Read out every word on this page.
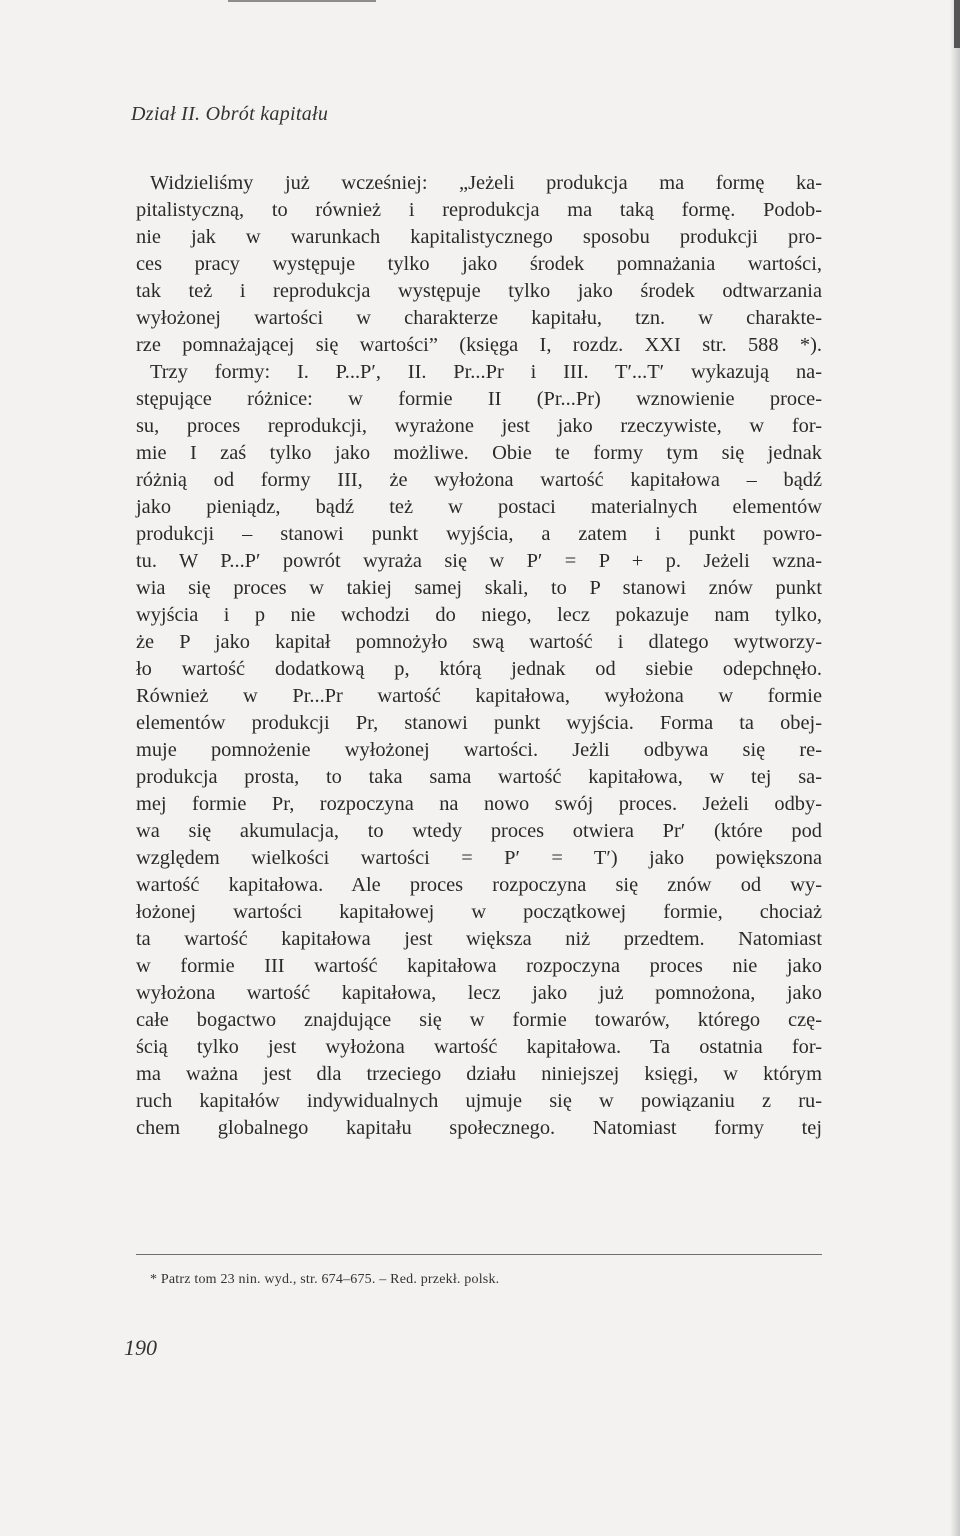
Dział II. Obrót kapitału
Widzieliśmy już wcześniej: „Jeżeli produkcja ma formę ka-
pitalistyczną, to również i reprodukcja ma taką formę. Podob-
nie jak w warunkach kapitalistycznego sposobu produkcji pro-
ces pracy występuje tylko jako środek pomnażania wartości,
tak też i reprodukcja występuje tylko jako środek odtwarzania
wyłożonej wartości w charakterze kapitału, tzn. w charakte-
rze pomnażającej się wartości” (księga I, rozdz. XXI str. 588 *).
Trzy formy: I. P...P′, II. Pr...Pr i III. T′...T′ wykazują na-
stępujące różnice: w formie II (Pr...Pr) wznowienie proce-
su, proces reprodukcji, wyrażone jest jako rzeczywiste, w for-
mie I zaś tylko jako możliwe. Obie te formy tym się jednak
różnią od formy III, że wyłożona wartość kapitałowa – bądź
jako pieniądz, bądź też w postaci materialnych elementów
produkcji – stanowi punkt wyjścia, a zatem i punkt powro-
tu. W P...P′ powrót wyraża się w P′ = P + p. Jeżeli wzna-
wia się proces w takiej samej skali, to P stanowi znów punkt
wyjścia i p nie wchodzi do niego, lecz pokazuje nam tylko,
że P jako kapitał pomnożyło swą wartość i dlatego wytworzy-
ło wartość dodatkową p, którą jednak od siebie odepchnęło.
Również w Pr...Pr wartość kapitałowa, wyłożona w formie
elementów produkcji Pr, stanowi punkt wyjścia. Forma ta obej-
muje pomnożenie wyłożonej wartości. Jeżli odbywa się re-
produkcja prosta, to taka sama wartość kapitałowa, w tej sa-
mej formie Pr, rozpoczyna na nowo swój proces. Jeżeli odby-
wa się akumulacja, to wtedy proces otwiera Pr′ (które pod
względem wielkości wartości = P′ = T′) jako powiększona
wartość kapitałowa. Ale proces rozpoczyna się znów od wy-
łożonej wartości kapitałowej w początkowej formie, chociaż
ta wartość kapitałowa jest większa niż przedtem. Natomiast
w formie III wartość kapitałowa rozpoczyna proces nie jako
wyłożona wartość kapitałowa, lecz jako już pomnożona, jako
całe bogactwo znajdujące się w formie towarów, którego czę-
ścią tylko jest wyłożona wartość kapitałowa. Ta ostatnia for-
ma ważna jest dla trzeciego działu niniejszej księgi, w którym
ruch kapitałów indywidualnych ujmuje się w powiązaniu z ru-
chem globalnego kapitału społecznego. Natomiast formy tej
* Patrz tom 23 nin. wyd., str. 674–675. – Red. przekł. polsk.
190
